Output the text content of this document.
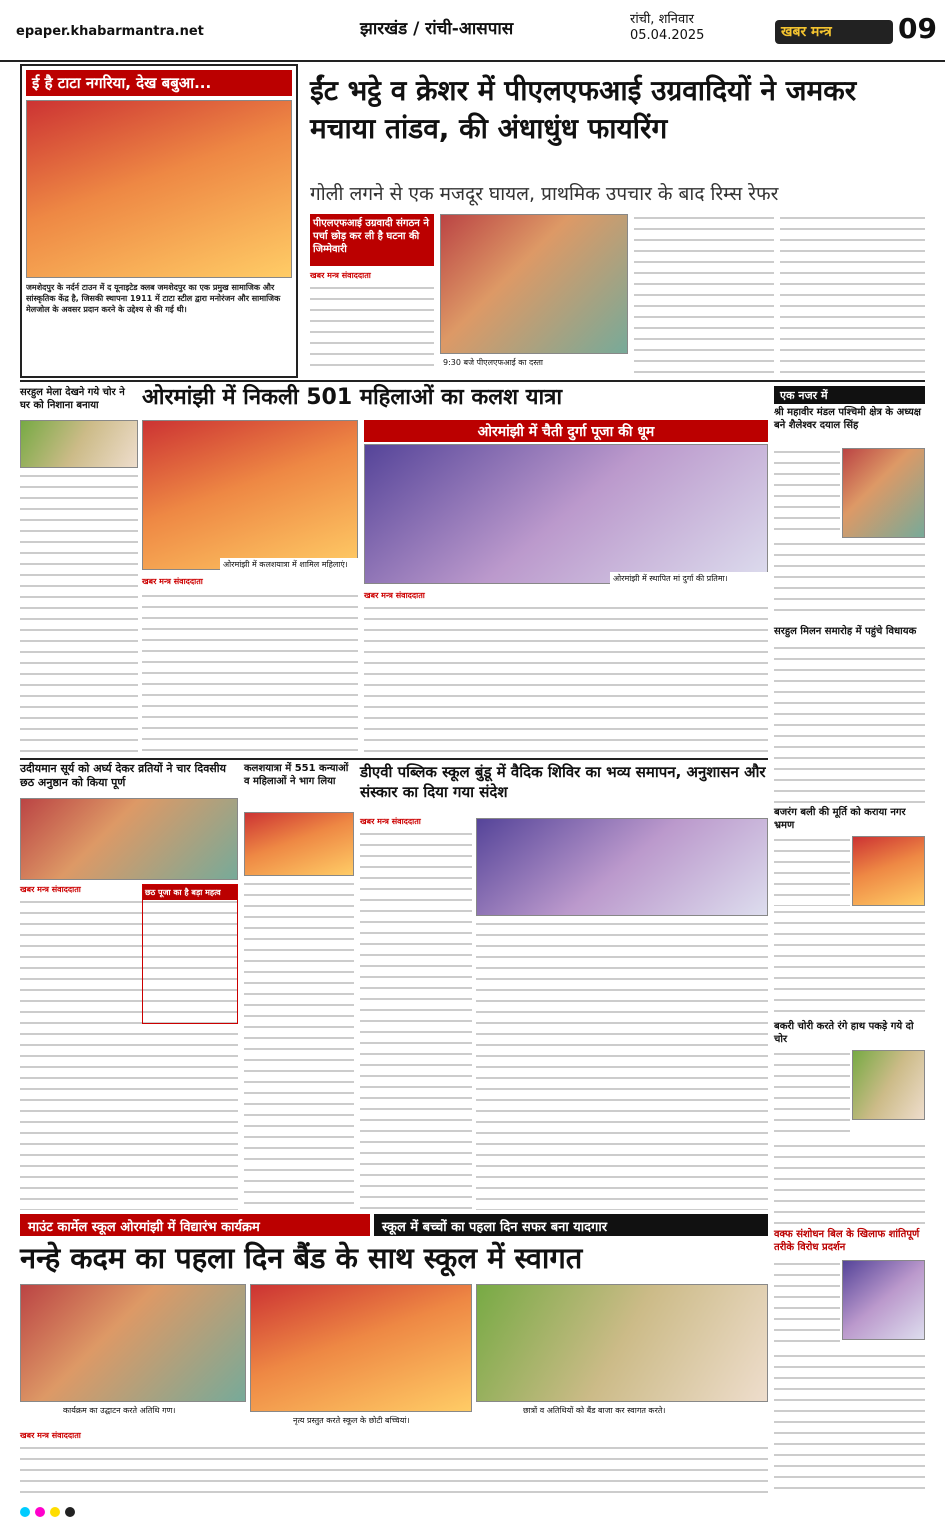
epaper.khabarmantra.net	झारखंड / रांची-आसपास	रांची, शनिवार
05.04.2025	खबर मन्त्र	09
ई है टाटा नगरिया, देख बबुआ...
जमशेदपुर के नर्दर्न टाउन में द यूनाइटेड क्लब जमशेदपुर का एक प्रमुख सामाजिक और सांस्कृतिक केंद्र है, जिसकी स्थापना 1911 में टाटा स्टील द्वारा मनोरंजन और सामाजिक मेलजोल के अवसर प्रदान करने के उद्देश्य से की गई थी।
ईंट भट्ठे व क्रेशर में पीएलएफआई उग्रवादियों ने जमकर मचाया तांडव, की अंधाधुंध फायरिंग
गोली लगने से एक मजदूर घायल, प्राथमिक उपचार के बाद रिम्स रेफर
पीएलएफआई उग्रवादी संगठन ने पर्चा छोड़ कर ली है घटना की जिम्मेवारी
खबर मन्त्र संवाददाता
9:30 बजे पीएलएफआई का दस्ता
सरहुल मेला देखने गये चोर ने घर को निशाना बनाया	ओरमांझी में निकली 501 महिलाओं का कलश यात्रा
ओरमांझी में कलशयात्रा में शामिल महिलाएं।
खबर मन्त्र संवाददाता
ओरमांझी में चैती दुर्गा पूजा की धूम
ओरमांझी में स्थापित मां दुर्गा की प्रतिमा।
खबर मन्त्र संवाददाता
एक नजर में
श्री महावीर मंडल पश्चिमी क्षेत्र के अध्यक्ष बने शैलेश्वर दयाल सिंह
सरहुल मिलन समारोह में पहुंचे विधायक
बजरंग बली की मूर्ति को कराया नगर भ्रमण
बकरी चोरी करते रंगे हाथ पकड़े गये दो चोर
उदीयमान सूर्य को अर्घ्य देकर व्रतियों ने चार दिवसीय छठ अनुष्ठान को किया पूर्ण
खबर मन्त्र संवाददाता	छठ पूजा का है बड़ा महत्व
कलशयात्रा में 551 कन्याओं व महिलाओं ने भाग लिया
डीएवी पब्लिक स्कूल बुंडू में वैदिक शिविर का भव्य समापन, अनुशासन और संस्कार का दिया गया संदेश
खबर मन्त्र संवाददाता
माउंट कार्मेल स्कूल ओरमांझी में विद्यारंभ कार्यक्रम	स्कूल में बच्चों का पहला दिन सफर बना यादगार
नन्हे कदम का पहला दिन बैंड के साथ स्कूल में स्वागत
कार्यक्रम का उद्घाटन करते अतिथि गण।
नृत्य प्रस्तुत करते स्कूल के छोटी बच्चियां।
छात्रों व अतिथियों को बैंड बाजा कर स्वागत करते।
खबर मन्त्र संवाददाता
वक्फ संशोधन बिल के खिलाफ शांतिपूर्ण तरीके विरोध प्रदर्शन
